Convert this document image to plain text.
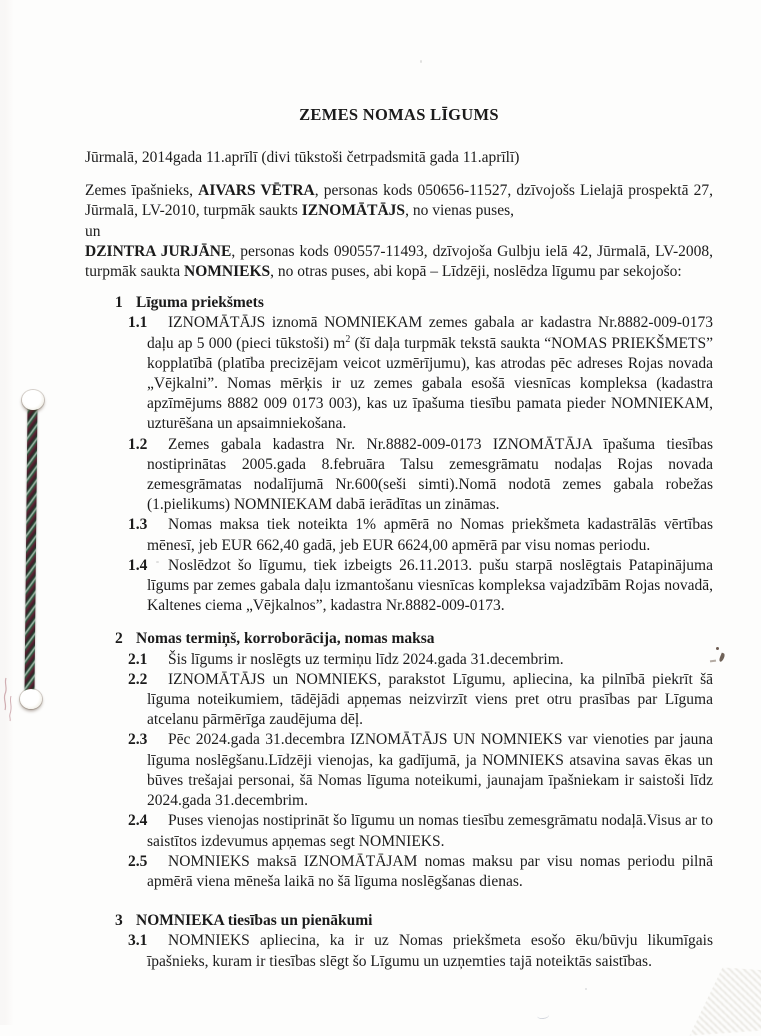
ZEMES NOMAS LĪGUMS

Jūrmalā, 2014gada 11.aprīlī (divi tūkstoši četrpadsmitā gada 11.aprīlī)

Zemes īpašnieks, AIVARS VĒTRA, personas kods 050656-11527, dzīvojošs Lielajā prospektā 27, Jūrmalā, LV-2010, turpmāk saukts IZNOMĀTĀJS, no vienas puses,

un

DZINTRA JURJĀNE, personas kods 090557-11493, dzīvojoša Gulbju ielā 42, Jūrmalā, LV-2008, turpmāk saukta NOMNIEKS, no otras puses, abi kopā – Līdzēji, noslēdza līgumu par sekojošo:

1 Līguma priekšmets

1.1 IZNOMĀTĀJS iznomā NOMNIEKAM zemes gabala ar kadastra Nr.8882-009-0173 daļu ap 5 000 (pieci tūkstoši) $m^2$ (šī daļa turpmāk tekstā saukta “NOMAS PRIEKŠMETS” kopplatībā (platība precizējam veicot uzmērījumu), kas atrodas pēc adreses Rojas novada „Vējkalni”. Nomas mērķis ir uz zemes gabala esošā viesnīcas kompleksa (kadastra apzīmējums 8882 009 0173 003), kas uz īpašuma tiesību pamata pieder NOMNIEKAM, uzturēšana un apsaimniekošana.

1.2 Zemes gabala kadastra Nr. Nr.8882-009-0173 IZNOMĀTĀJA īpašuma tiesības nostiprinātas 2005.gada 8.februāra Talsu zemesgrāmatu nodaļas Rojas novada zemesgrāmatas nodalījumā Nr.600(seši simti).Nomā nodotā zemes gabala robežas (1.pielikums) NOMNIEKAM dabā ierādītas un zināmas.

1.3 Nomas maksa tiek noteikta 1% apmērā no Nomas priekšmeta kadastrālās vērtības mēnesī, jeb EUR 662,40 gadā, jeb EUR 6624,00 apmērā par visu nomas periodu.

1.4 Noslēdzot šo līgumu, tiek izbeigts 26.11.2013. pušu starpā noslēgtais Patapinājuma līgums par zemes gabala daļu izmantošanu viesnīcas kompleksa vajadzībām Rojas novadā, Kaltenes ciema „Vējkalnos”, kadastra Nr.8882-009-0173.

2 Nomas termiņš, korroborācija, nomas maksa

2.1 Šis līgums ir noslēgts uz termiņu līdz 2024.gada 31.decembrim.

2.2 IZNOMĀTĀJS un NOMNIEKS, parakstot Līgumu, apliecina, ka pilnībā piekrīt šā līguma noteikumiem, tādējādi apņemas neizvirzīt viens pret otru prasības par Līguma atcelanu pārmērīga zaudējuma dēļ.

2.3 Pēc 2024.gada 31.decembra IZNOMĀTĀJS UN NOMNIEKS var vienoties par jauna līguma noslēgšanu.Līdzēji vienojas, ka gadījumā, ja NOMNIEKS atsavina savas ēkas un būves trešajai personai, šā Nomas līguma noteikumi, jaunajam īpašniekam ir saistoši līdz 2024.gada 31.decembrim.

2.4 Puses vienojas nostiprināt šo līgumu un nomas tiesību zemesgrāmatu nodaļā.Visus ar to saistītos izdevumus apņemas segt NOMNIEKS.

2.5 NOMNIEKS maksā IZNOMĀTĀJAM nomas maksu par visu nomas periodu pilnā apmērā viena mēneša laikā no šā līguma noslēgšanas dienas.

3 NOMNIEKA tiesības un pienākumi

3.1 NOMNIEKS apliecina, ka ir uz Nomas priekšmeta esošo ēku/būvju likumīgais īpašnieks, kuram ir tiesības slēgt šo Līgumu un uzņemties tajā noteiktās saistības.
